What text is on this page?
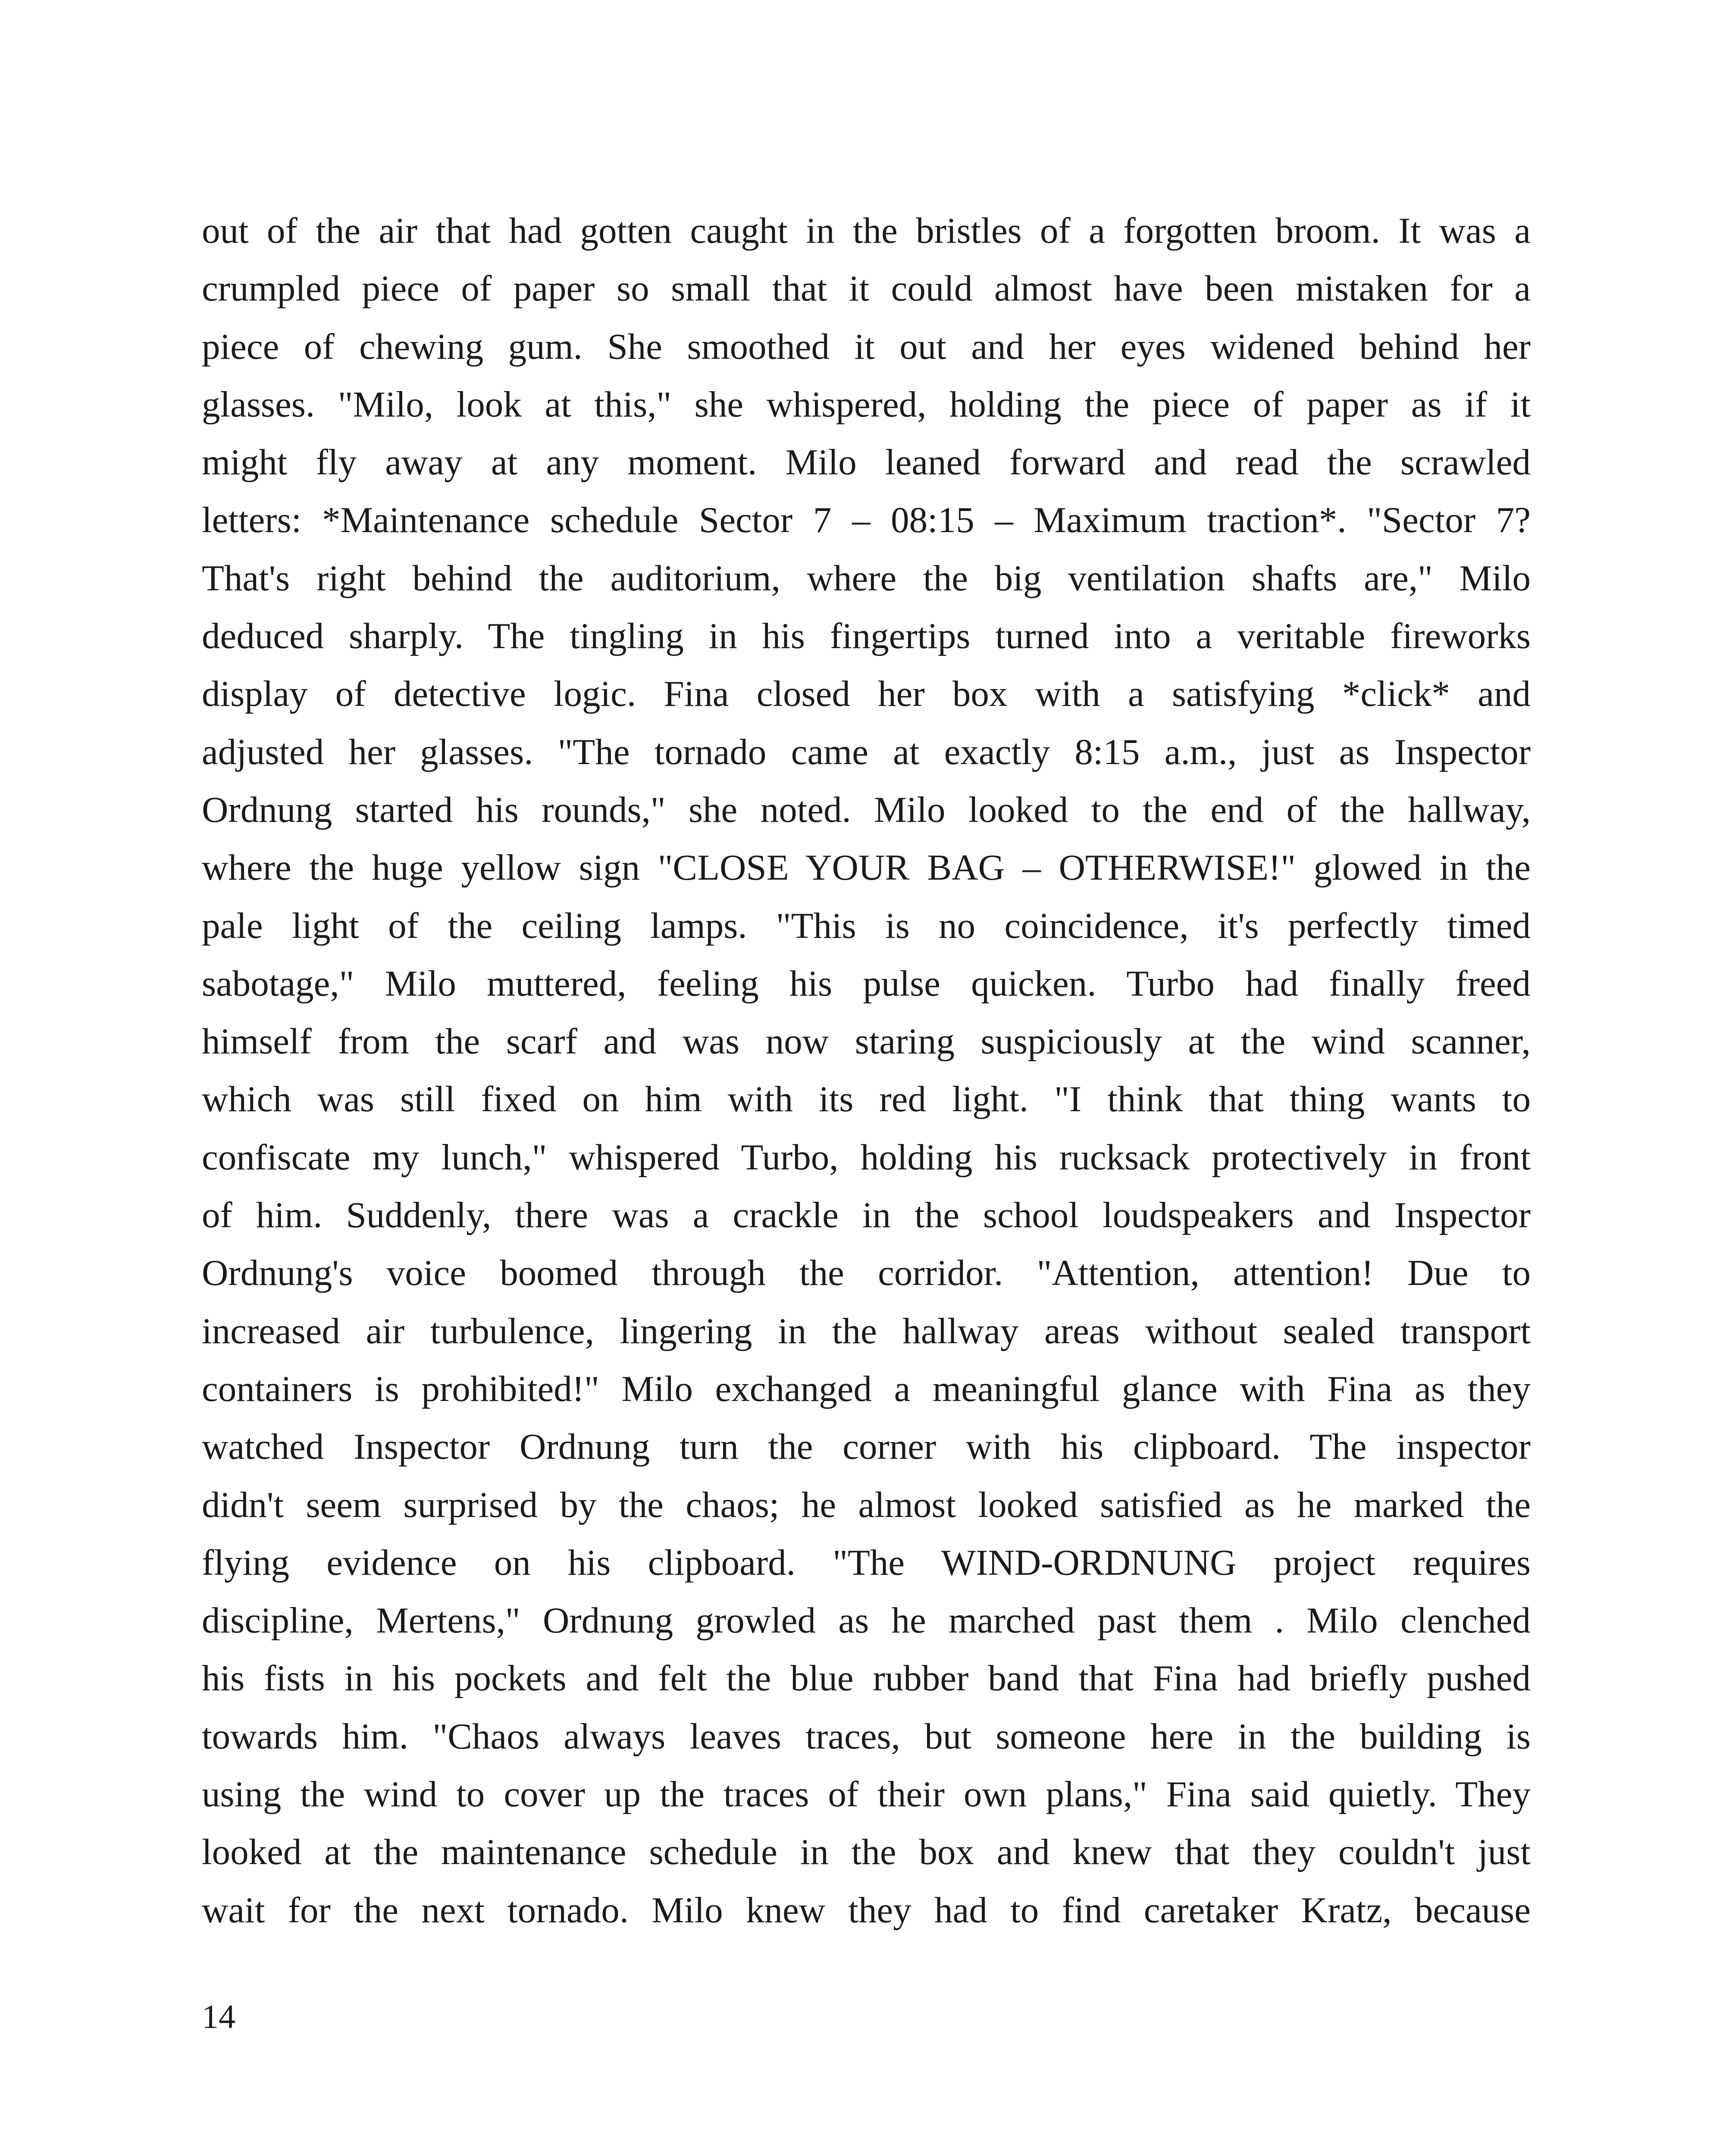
out of the air that had gotten caught in the bristles of a forgotten broom. It was a
crumpled piece of paper so small that it could almost have been mistaken for a
piece of chewing gum. She smoothed it out and her eyes widened behind her
glasses. "Milo, look at this," she whispered, holding the piece of paper as if it
might fly away at any moment. Milo leaned forward and read the scrawled
letters: *Maintenance schedule Sector 7 – 08:15 – Maximum traction*. "Sector 7?
That's right behind the auditorium, where the big ventilation shafts are," Milo
deduced sharply. The tingling in his fingertips turned into a veritable fireworks
display of detective logic. Fina closed her box with a satisfying *click* and
adjusted her glasses. "The tornado came at exactly 8:15 a.m., just as Inspector
Ordnung started his rounds," she noted. Milo looked to the end of the hallway,
where the huge yellow sign "CLOSE YOUR BAG – OTHERWISE!" glowed in the
pale light of the ceiling lamps. "This is no coincidence, it's perfectly timed
sabotage," Milo muttered, feeling his pulse quicken. Turbo had finally freed
himself from the scarf and was now staring suspiciously at the wind scanner,
which was still fixed on him with its red light. "I think that thing wants to
confiscate my lunch," whispered Turbo, holding his rucksack protectively in front
of him. Suddenly, there was a crackle in the school loudspeakers and Inspector
Ordnung's voice boomed through the corridor. "Attention, attention! Due to
increased air turbulence, lingering in the hallway areas without sealed transport
containers is prohibited!" Milo exchanged a meaningful glance with Fina as they
watched Inspector Ordnung turn the corner with his clipboard. The inspector
didn't seem surprised by the chaos; he almost looked satisfied as he marked the
flying evidence on his clipboard. "The WIND-ORDNUNG project requires
discipline, Mertens," Ordnung growled as he marched past them . Milo clenched
his fists in his pockets and felt the blue rubber band that Fina had briefly pushed
towards him. "Chaos always leaves traces, but someone here in the building is
using the wind to cover up the traces of their own plans," Fina said quietly. They
looked at the maintenance schedule in the box and knew that they couldn't just
wait for the next tornado. Milo knew they had to find caretaker Kratz, because

14
